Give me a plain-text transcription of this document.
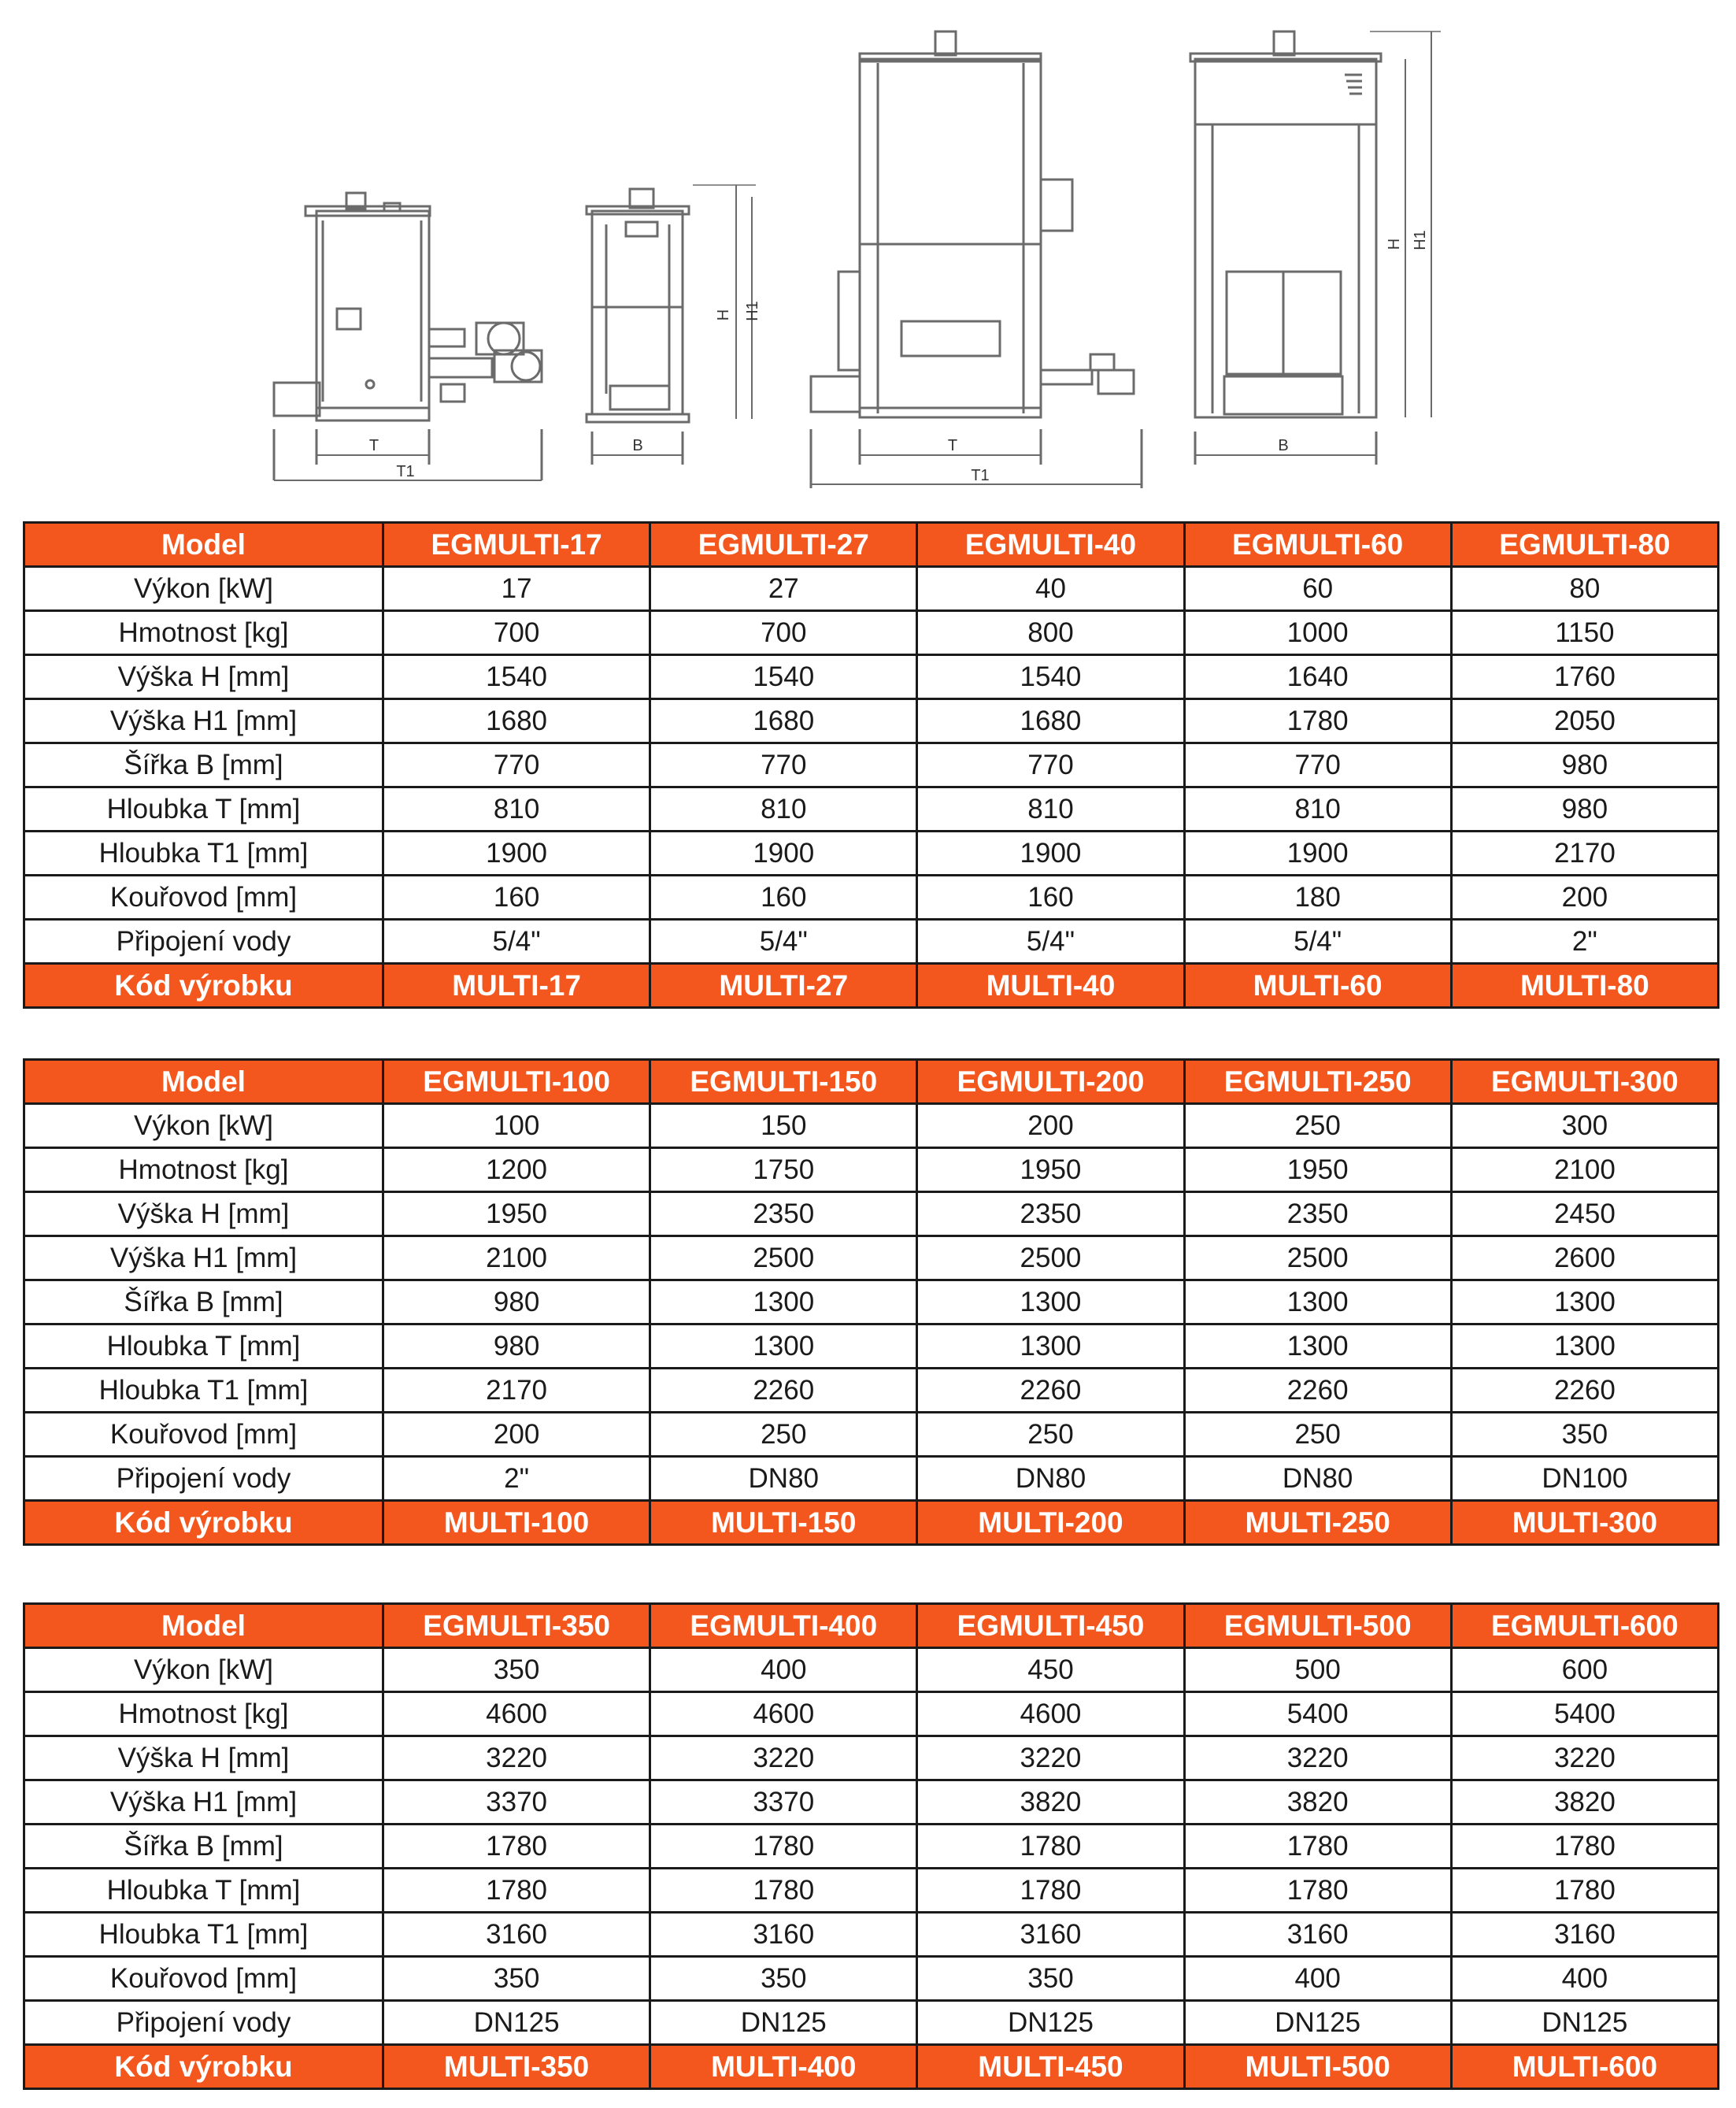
T
T1
B
H H1
T
T1
B
H H1
Model	EGMULTI-17	EGMULTI-27	EGMULTI-40	EGMULTI-60	EGMULTI-80
Výkon [kW]	17	27	40	60	80
Hmotnost [kg]	700	700	800	1000	1150
Výška H [mm]	1540	1540	1540	1640	1760
Výška H1 [mm]	1680	1680	1680	1780	2050
Šířka B [mm]	770	770	770	770	980
Hloubka T [mm]	810	810	810	810	980
Hloubka T1 [mm]	1900	1900	1900	1900	2170
Kouřovod [mm]	160	160	160	180	200
Připojení vody	5/4"	5/4"	5/4"	5/4"	2"
Kód výrobku	MULTI-17	MULTI-27	MULTI-40	MULTI-60	MULTI-80
Model	EGMULTI-100	EGMULTI-150	EGMULTI-200	EGMULTI-250	EGMULTI-300
Výkon [kW]	100	150	200	250	300
Hmotnost [kg]	1200	1750	1950	1950	2100
Výška H [mm]	1950	2350	2350	2350	2450
Výška H1 [mm]	2100	2500	2500	2500	2600
Šířka B [mm]	980	1300	1300	1300	1300
Hloubka T [mm]	980	1300	1300	1300	1300
Hloubka T1 [mm]	2170	2260	2260	2260	2260
Kouřovod [mm]	200	250	250	250	350
Připojení vody	2"	DN80	DN80	DN80	DN100
Kód výrobku	MULTI-100	MULTI-150	MULTI-200	MULTI-250	MULTI-300
Model	EGMULTI-350	EGMULTI-400	EGMULTI-450	EGMULTI-500	EGMULTI-600
Výkon [kW]	350	400	450	500	600
Hmotnost [kg]	4600	4600	4600	5400	5400
Výška H [mm]	3220	3220	3220	3220	3220
Výška H1 [mm]	3370	3370	3820	3820	3820
Šířka B [mm]	1780	1780	1780	1780	1780
Hloubka T [mm]	1780	1780	1780	1780	1780
Hloubka T1 [mm]	3160	3160	3160	3160	3160
Kouřovod [mm]	350	350	350	400	400
Připojení vody	DN125	DN125	DN125	DN125	DN125
Kód výrobku	MULTI-350	MULTI-400	MULTI-450	MULTI-500	MULTI-600
